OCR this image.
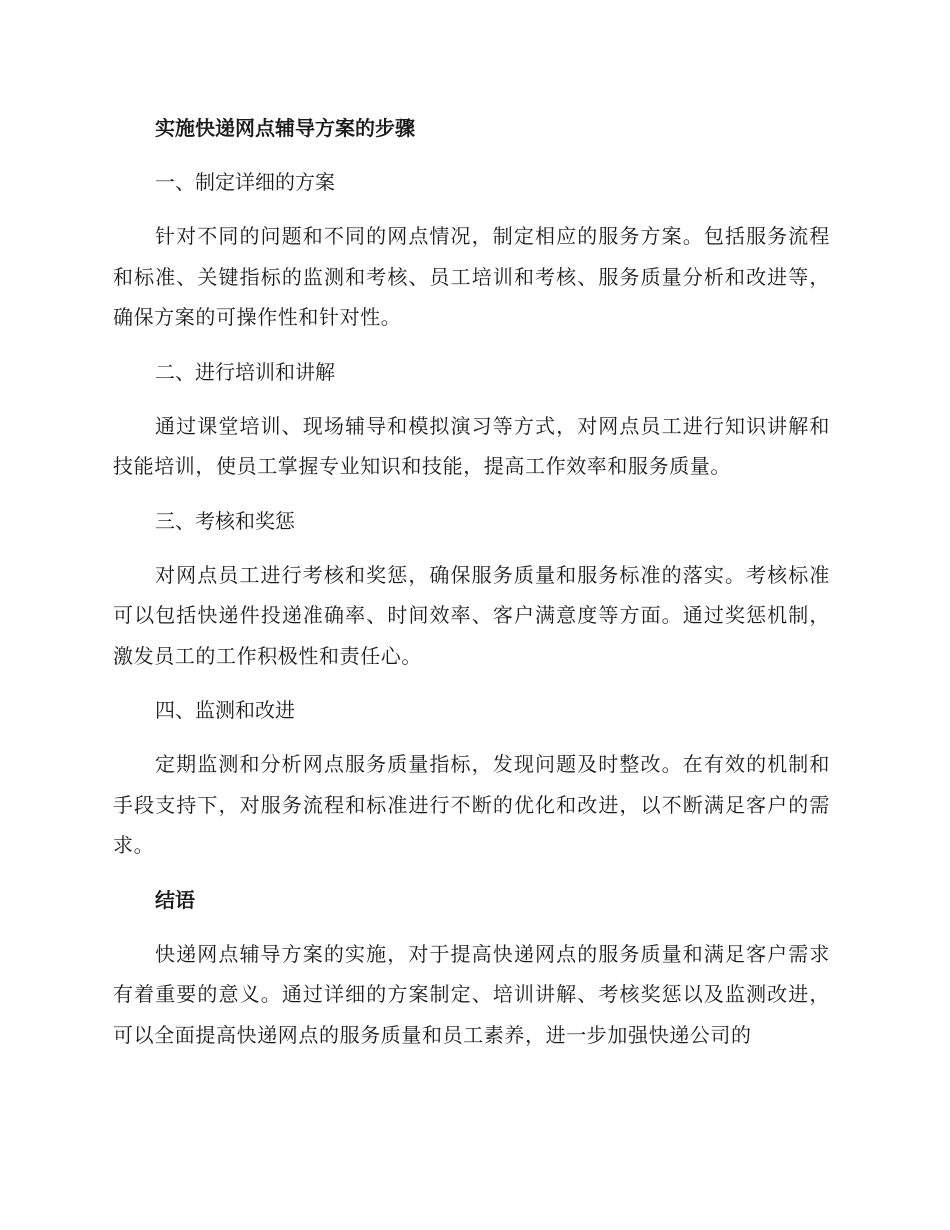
实施快递网点辅导方案的步骤
一、制定详细的方案
针对不同的问题和不同的网点情况，制定相应的服务方案。包括服务流程和标准、关键指标的监测和考核、员工培训和考核、服务质量分析和改进等，确保方案的可操作性和针对性。
二、进行培训和讲解
通过课堂培训、现场辅导和模拟演习等方式，对网点员工进行知识讲解和技能培训，使员工掌握专业知识和技能，提高工作效率和服务质量。
三、考核和奖惩
对网点员工进行考核和奖惩，确保服务质量和服务标准的落实。考核标准可以包括快递件投递准确率、时间效率、客户满意度等方面。通过奖惩机制，激发员工的工作积极性和责任心。
四、监测和改进
定期监测和分析网点服务质量指标，发现问题及时整改。在有效的机制和手段支持下，对服务流程和标准进行不断的优化和改进，以不断满足客户的需求。
结语
快递网点辅导方案的实施，对于提高快递网点的服务质量和满足客户需求有着重要的意义。通过详细的方案制定、培训讲解、考核奖惩以及监测改进，可以全面提高快递网点的服务质量和员工素养，进一步加强快递公司的
